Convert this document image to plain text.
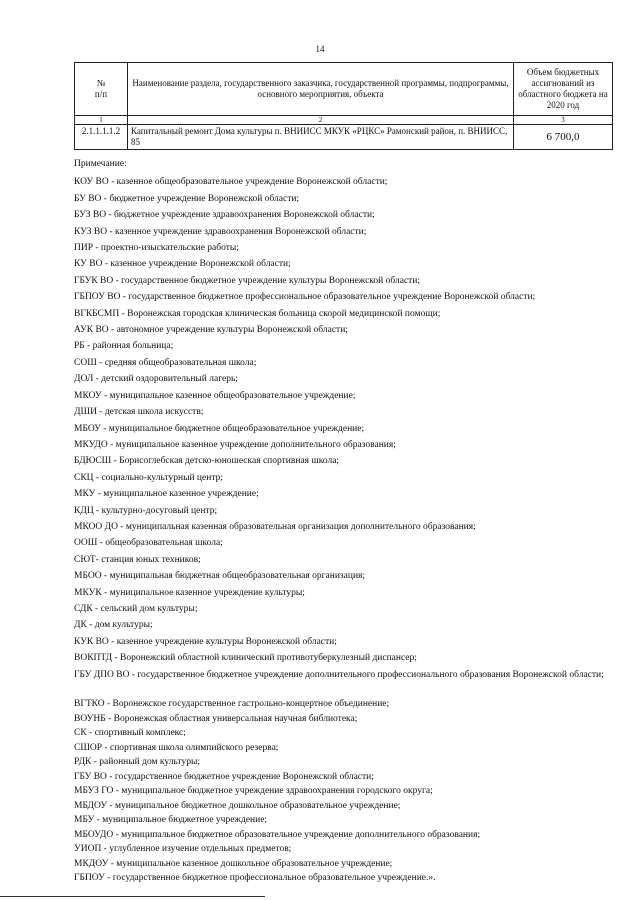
14
№
п/п	Наименование раздела, государственного заказчика, государственной программы, подпрограммы, основного мероприятия, объекта	Объем бюджетных ассигнований из областного бюджета на 2020 год
1	2	3
2.1.1.1.1.2	Капитальный ремонт Дома культуры п. ВНИИСС МКУК «РЦКС» Рамонский район, п. ВНИИСС, 85	6 700,0
Примечание:
КОУ ВО - казенное общеобразовательное учреждение Воронежской области;
БУ ВО - бюджетное учреждение Воронежской области;
БУЗ ВО - бюджетное учреждение здравоохранения Воронежской области;
КУЗ ВО - казенное учреждение здравоохранения Воронежской области;
ПИР - проектно-изыскательские работы;
КУ ВО - казенное учреждение Воронежской области;
ГБУК ВО - государственное бюджетное учреждение культуры Воронежской области;
ГБПОУ ВО - государственное бюджетное профессиональное образовательное учреждение Воронежской области;
ВГКБСМП - Воронежская городская клиническая больница скорой медицинской помощи;
АУК ВО - автономное учреждение культуры Воронежской области;
РБ - районная больница;
СОШ - средняя общеобразовательная школа;
ДОЛ - детский оздоровительный лагерь;
МКОУ - муниципальное казенное общеобразовательное учреждение;
ДШИ - детская школа искусств;
МБОУ - муниципальное бюджетное общеобразовательное учреждение;
МКУДО - муниципальное казенное учреждение дополнительного образования;
БДЮСШ - Борисоглебская детско-юношеская спортивная школа;
СКЦ - социально-культурный центр;
МКУ - муниципальное казенное учреждение;
КДЦ - культурно-досуговый центр;
МКОО ДО - муниципальная казенная образовательная организация дополнительного образования;
ООШ - общеобразовательная школа;
СЮТ- станция юных техников;
МБОО - муниципальная бюджетная общеобразовательная организация;
МКУК - муниципальное казенное учреждение культуры;
СДК - сельский дом культуры;
ДК - дом культуры;
КУК ВО - казенное учреждение культуры Воронежской области;
ВОКПТД - Воронежский областной клинический противотуберкулезный диспансер;
ГБУ ДПО ВО - государственное бюджетное учреждение дополнительного профессионального образования Воронежской области;
ВГТКО - Воронежское государственное гастрольно-концертное объединение;
ВОУНБ - Воронежская областная универсальная научная библиотека;
СК - спортивный комплекс;
СШОР - спортивная школа олимпийского резерва;
РДК - районный дом культуры;
ГБУ ВО - государственное бюджетное учреждение Воронежской области;
МБУЗ ГО - муниципальное бюджетное учреждение здравоохранения городского округа;
МБДОУ - муниципальное бюджетное дошкольное образовательное учреждение;
МБУ - муниципальное бюджетное учреждение;
МБОУДО - муниципальное бюджетное образовательное учреждение дополнительного образования;
УИОП - углубленное изучение отдельных предметов;
МКДОУ - муниципальное казенное дошкольное образовательное учреждение;
ГБПОУ - государственное бюджетное профессиональное образовательное учреждение.».
